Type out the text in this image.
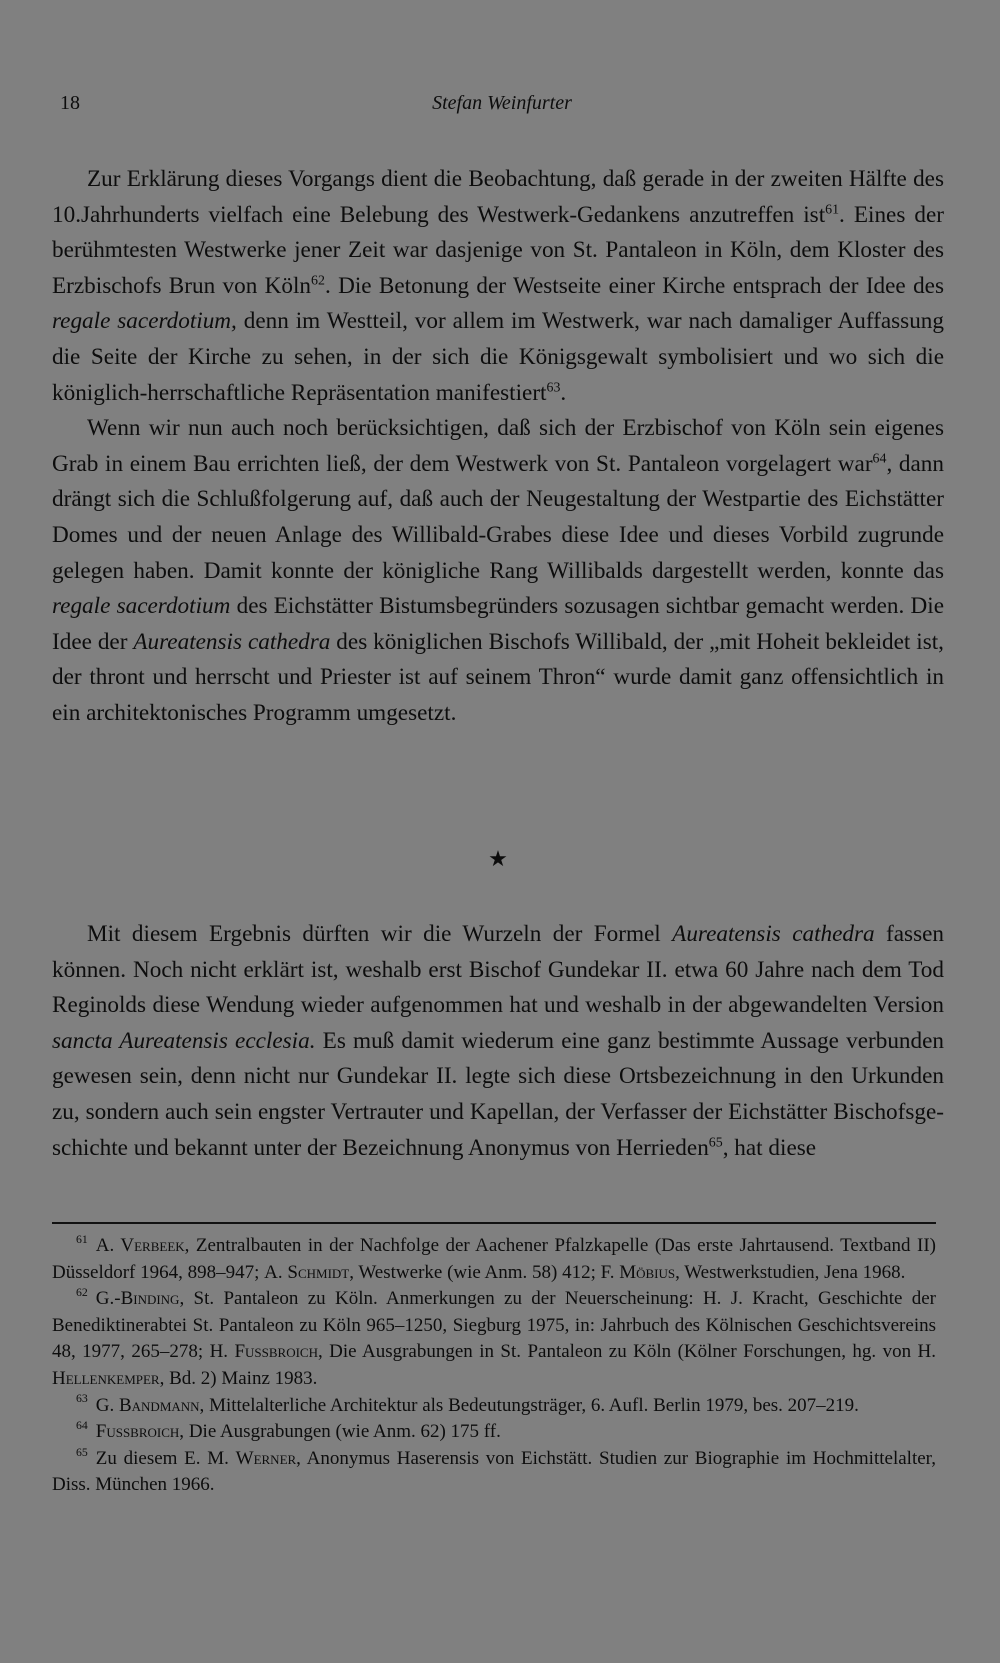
18	Stefan Weinfurter

Zur Erklärung dieses Vorgangs dient die Beobachtung, daß gerade in der zweiten Hälfte des 10.Jahrhunderts vielfach eine Belebung des Westwerk-Gedankens anzutreffen ist$^{61}$. Eines der berühmtesten Westwerke jener Zeit war dasjenige von St. Pantaleon in Köln, dem Kloster des Erzbischofs Brun von Köln$^{62}$. Die Betonung der Westseite einer Kirche entsprach der Idee des regale sacerdotium, denn im Westteil, vor allem im Westwerk, war nach damaliger Auffassung die Seite der Kirche zu sehen, in der sich die Königsgewalt symbolisiert und wo sich die königlich-herrschaftliche Repräsentation manifestiert$^{63}$.

Wenn wir nun auch noch berücksichtigen, daß sich der Erzbischof von Köln sein eigenes Grab in einem Bau errichten ließ, der dem Westwerk von St. Pantaleon vorgelagert war$^{64}$, dann drängt sich die Schlußfolgerung auf, daß auch der Neugestaltung der Westpartie des Eichstätter Domes und der neuen Anlage des Willibald-Grabes diese Idee und dieses Vorbild zugrunde gelegen haben. Damit konnte der königliche Rang Willibalds dargestellt werden, konnte das regale sacerdotium des Eichstätter Bistumsbegründers sozusagen sichtbar gemacht werden. Die Idee der Aureatensis cathedra des königlichen Bischofs Willibald, der „mit Hoheit bekleidet ist, der thront und herrscht und Priester ist auf seinem Thron“ wurde damit ganz offensichtlich in ein architektonisches Programm umgesetzt.

★

Mit diesem Ergebnis dürften wir die Wurzeln der Formel Aureatensis cathedra fassen können. Noch nicht erklärt ist, weshalb erst Bischof Gundekar II. etwa 60 Jahre nach dem Tod Reginolds diese Wendung wieder aufgenommen hat und weshalb in der abgewandelten Version sancta Aureatensis ecclesia. Es muß damit wiederum eine ganz bestimmte Aussage verbunden gewesen sein, denn nicht nur Gundekar II. legte sich diese Ortsbezeichnung in den Urkunden zu, sondern auch sein engster Vertrauter und Kapellan, der Verfasser der Eichstätter Bischofsgeschichte und bekannt unter der Bezeichnung Anonymus von Herrieden$^{65}$, hat diese

$^{61}$ A. Verbeek, Zentralbauten in der Nachfolge der Aachener Pfalzkapelle (Das erste Jahrtausend. Textband II) Düsseldorf 1964, 898–947; A. Schmidt, Westwerke (wie Anm. 58) 412; F. Möbius, Westwerkstudien, Jena 1968.

$^{62}$ G.-Binding, St. Pantaleon zu Köln. Anmerkungen zu der Neuerscheinung: H. J. Kracht, Geschichte der Benediktinerabtei St. Pantaleon zu Köln 965–1250, Siegburg 1975, in: Jahrbuch des Kölnischen Geschichtsvereins 48, 1977, 265–278; H. Fussbroich, Die Ausgrabungen in St. Pantaleon zu Köln (Kölner Forschungen, hg. von H. Hellenkemper, Bd. 2) Mainz 1983.

$^{63}$ G. Bandmann, Mittelalterliche Architektur als Bedeutungsträger, 6. Aufl. Berlin 1979, bes. 207–219.

$^{64}$ Fussbroich, Die Ausgrabungen (wie Anm. 62) 175 ff.

$^{65}$ Zu diesem E. M. Werner, Anonymus Haserensis von Eichstätt. Studien zur Biographie im Hochmittelalter, Diss. München 1966.
